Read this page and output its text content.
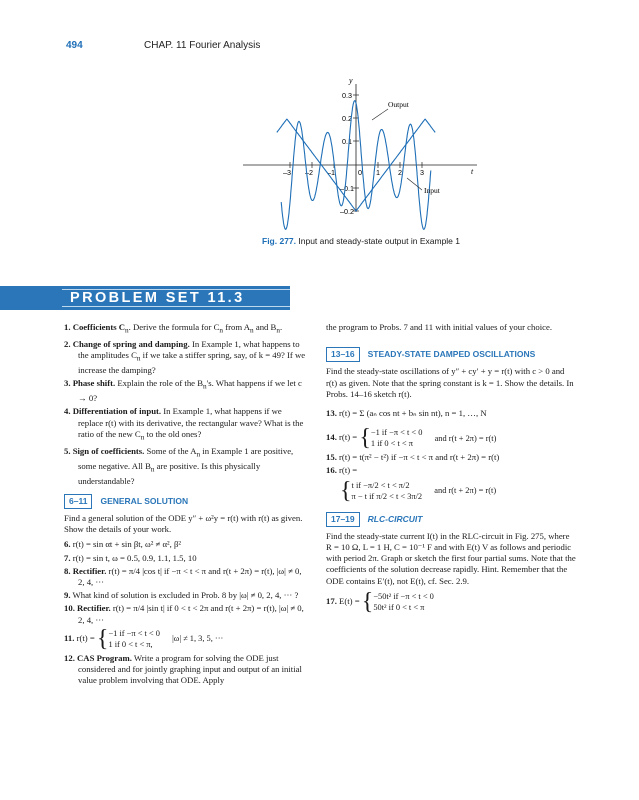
494	CHAP. 11 Fourier Analysis
y
t
0.3
0.2
0.1
–0.1
–0.2
–3 –2 –1	0 1	2	3
Output
Input
Fig. 277. Input and steady-state output in Example 1
PROBLEM SET 11.3
1. Coefficients $C_n$. Derive the formula for $C_n$ from $A_n$ and $B_n$.
2. Change of spring and damping. In Example 1, what happens to the amplitudes $C_n$ if we take a stiffer spring, say, of k = 49? If we increase the damping?
3. Phase shift. Explain the role of the $B_n's$. What happens if we let c → 0?
4. Differentiation of input. In Example 1, what happens if we replace r(t) with its derivative, the rectangular wave? What is the ratio of the new $C_n$ to the old ones?
5. Sign of coefficients. Some of the $A_n$ in Example 1 are positive, some negative. All $B_n$ are positive. Is this physically understandable?
6–11	GENERAL SOLUTION
Find a general solution of the ODE y″ + ω²y = r(t) with r(t) as given. Show the details of your work.
6. r(t) = sin αt + sin βt, ω² ≠ α², β²
7. r(t) = sin t, ω = 0.5, 0.9, 1.1, 1.5, 10
8. Rectifier. r(t) = π/4 |cos t| if −π < t < π and r(t + 2π) = r(t), |ω| ≠ 0, 2, 4, ···
9. What kind of solution is excluded in Prob. 8 by |ω| ≠ 0, 2, 4, ··· ?
10. Rectifier. r(t) = π/4 |sin t| if 0 < t < 2π and r(t + 2π) = r(t), |ω| ≠ 0, 2, 4, ···
11. r(t) = {−1 if −π < t < 0
1 if 0 < t < π, |ω| ≠ 1, 3, 5, ···
12. CAS Program. Write a program for solving the ODE just considered and for jointly graphing input and output of an initial value problem involving that ODE. Apply
the program to Probs. 7 and 11 with initial values of your choice.
13–16	STEADY-STATE DAMPED OSCILLATIONS
Find the steady-state oscillations of y″ + cy′ + y = r(t) with c > 0 and r(t) as given. Note that the spring constant is k = 1. Show the details. In Probs. 14–16 sketch r(t).
13. r(t) = Σ (aₙ cos nt + bₙ sin nt), n = 1, …, N
14. r(t) = {−1 if −π < t < 0
1 if 0 < t < π and r(t + 2π) = r(t)
15. r(t) = t(π² − t²) if −π < t < π and r(t + 2π) = r(t)
16. r(t) =
{t if −π/2 < t < π/2
π − t if π/2 < t < 3π/2 and r(t + 2π) = r(t)
17–19	RLC-CIRCUIT
Find the steady-state current I(t) in the RLC-circuit in Fig. 275, where R = 10 Ω, L = 1 H, C = 10⁻¹ F and with E(t) V as follows and periodic with period 2π. Graph or sketch the first four partial sums. Note that the coefficients of the solution decrease rapidly. Hint. Remember that the ODE contains E′(t), not E(t), cf. Sec. 2.9.
17. E(t) = {−50t² if −π < t < 0
50t² if 0 < t < π
